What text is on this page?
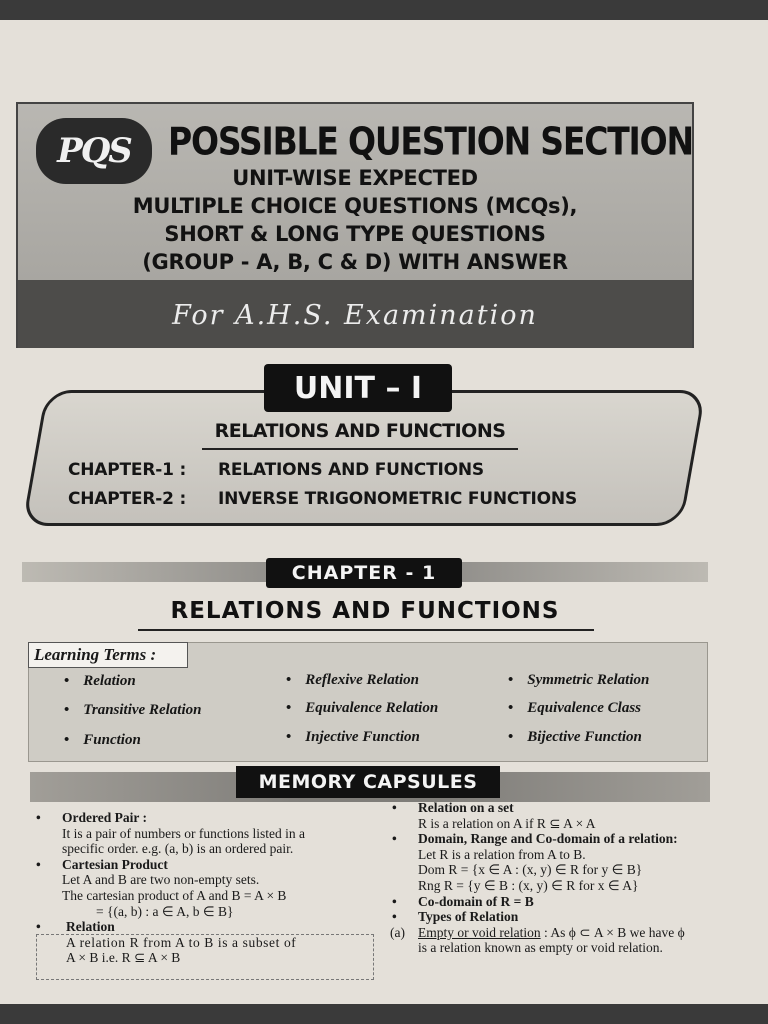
PQS POSSIBLE QUESTION SECTION
UNIT-WISE EXPECTED
MULTIPLE CHOICE QUESTIONS (MCQs),
SHORT & LONG TYPE QUESTIONS
(GROUP - A, B, C & D) WITH ANSWER
For A.H.S. Examination
UNIT – I
RELATIONS AND FUNCTIONS
CHAPTER-1 : RELATIONS AND FUNCTIONS
CHAPTER-2 : INVERSE TRIGONOMETRIC FUNCTIONS
CHAPTER - 1
RELATIONS AND FUNCTIONS
Learning Terms :
• Relation	• Reflexive Relation	• Symmetric Relation
• Transitive Relation	• Equivalence Relation	• Equivalence Class
• Function	• Injective Function	• Bijective Function
MEMORY CAPSULES
• Ordered Pair :
It is a pair of numbers or functions listed in a
specific order. e.g. (a, b) is an ordered pair.
• Cartesian Product
Let A and B are two non-empty sets.
The cartesian product of A and B = A × B
= {(a, b) : a ∈ A, b ∈ B}
• Relation
A relation R from A to B is a subset of
A × B i.e. R ⊆ A × B
• Relation on a set
R is a relation on A if R ⊆ A × A
• Domain, Range and Co-domain of a relation:
Let R is a relation from A to B.
Dom R = {x ∈ A : (x, y) ∈ R for y ∈ B}
Rng R = {y ∈ B : (x, y) ∈ R for x ∈ A}
• Co-domain of R = B
• Types of Relation
(a) Empty or void relation : As ϕ ⊂ A × B we have ϕ
is a relation known as empty or void relation.
